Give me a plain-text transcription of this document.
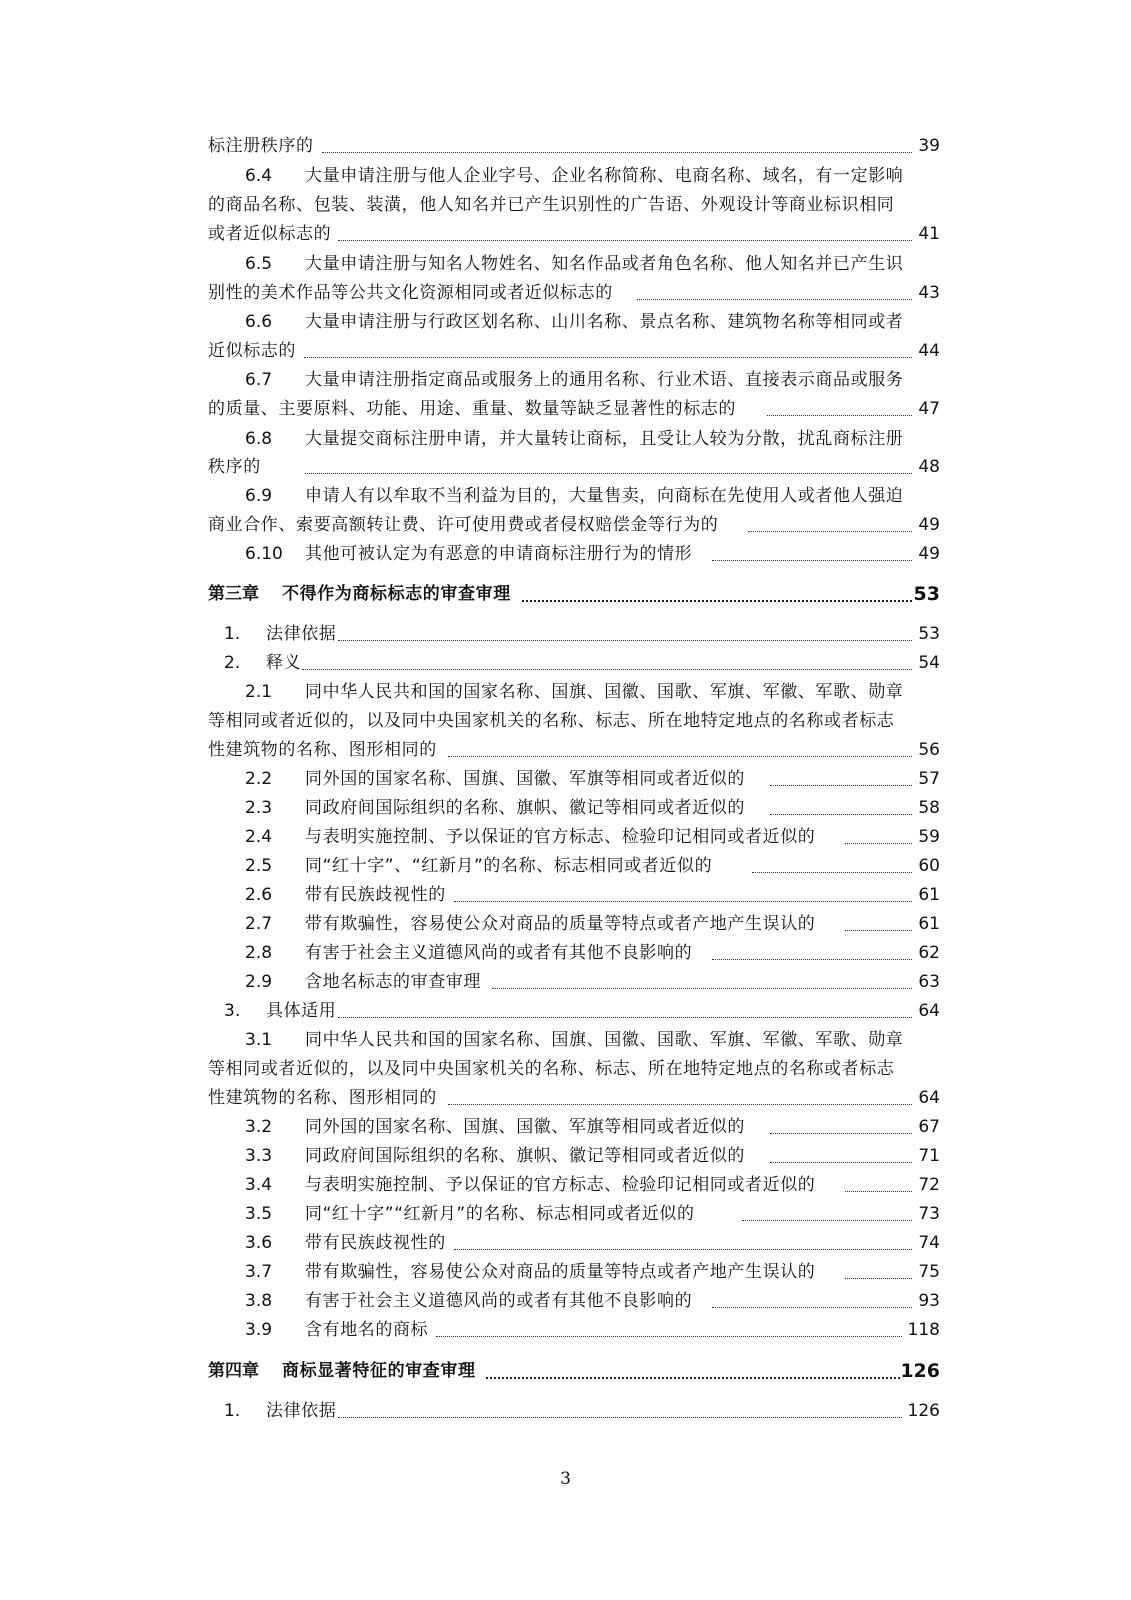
标注册秩序的	39
6.4 大量申请注册与他人企业字号、企业名称简称、电商名称、域名，有一定影响
的商品名称、包装、装潢，他人知名并已产生识别性的广告语、外观设计等商业标识相同
或者近似标志的	41
6.5 大量申请注册与知名人物姓名、知名作品或者角色名称、他人知名并已产生识
别性的美术作品等公共文化资源相同或者近似标志的	43
6.6 大量申请注册与行政区划名称、山川名称、景点名称、建筑物名称等相同或者
近似标志的	44
6.7 大量申请注册指定商品或服务上的通用名称、行业术语、直接表示商品或服务
的质量、主要原料、功能、用途、重量、数量等缺乏显著性的标志的	47
6.8 大量提交商标注册申请，并大量转让商标，且受让人较为分散，扰乱商标注册
秩序的	48
6.9 申请人有以牟取不当利益为目的，大量售卖，向商标在先使用人或者他人强迫
商业合作、索要高额转让费、许可使用费或者侵权赔偿金等行为的	49
6.10 其他可被认定为有恶意的申请商标注册行为的情形	49
第三章 不得作为商标标志的审查审理	53
1. 法律依据	53
2. 释义	54
2.1 同中华人民共和国的国家名称、国旗、国徽、国歌、军旗、军徽、军歌、勋章
等相同或者近似的，以及同中央国家机关的名称、标志、所在地特定地点的名称或者标志
性建筑物的名称、图形相同的	56
2.2 同外国的国家名称、国旗、国徽、军旗等相同或者近似的	57
2.3 同政府间国际组织的名称、旗帜、徽记等相同或者近似的	58
2.4 与表明实施控制、予以保证的官方标志、检验印记相同或者近似的	59
2.5 同“红十字”、“红新月”的名称、标志相同或者近似的	60
2.6 带有民族歧视性的	61
2.7 带有欺骗性，容易使公众对商品的质量等特点或者产地产生误认的	61
2.8 有害于社会主义道德风尚的或者有其他不良影响的	62
2.9 含地名标志的审查审理	63
3. 具体适用	64
3.1 同中华人民共和国的国家名称、国旗、国徽、国歌、军旗、军徽、军歌、勋章
等相同或者近似的，以及同中央国家机关的名称、标志、所在地特定地点的名称或者标志
性建筑物的名称、图形相同的	64
3.2 同外国的国家名称、国旗、国徽、军旗等相同或者近似的	67
3.3 同政府间国际组织的名称、旗帜、徽记等相同或者近似的	71
3.4 与表明实施控制、予以保证的官方标志、检验印记相同或者近似的	72
3.5 同“红十字”“红新月”的名称、标志相同或者近似的	73
3.6 带有民族歧视性的	74
3.7 带有欺骗性，容易使公众对商品的质量等特点或者产地产生误认的	75
3.8 有害于社会主义道德风尚的或者有其他不良影响的	93
3.9 含有地名的商标	118
第四章 商标显著特征的审查审理	126
1. 法律依据	126
3
